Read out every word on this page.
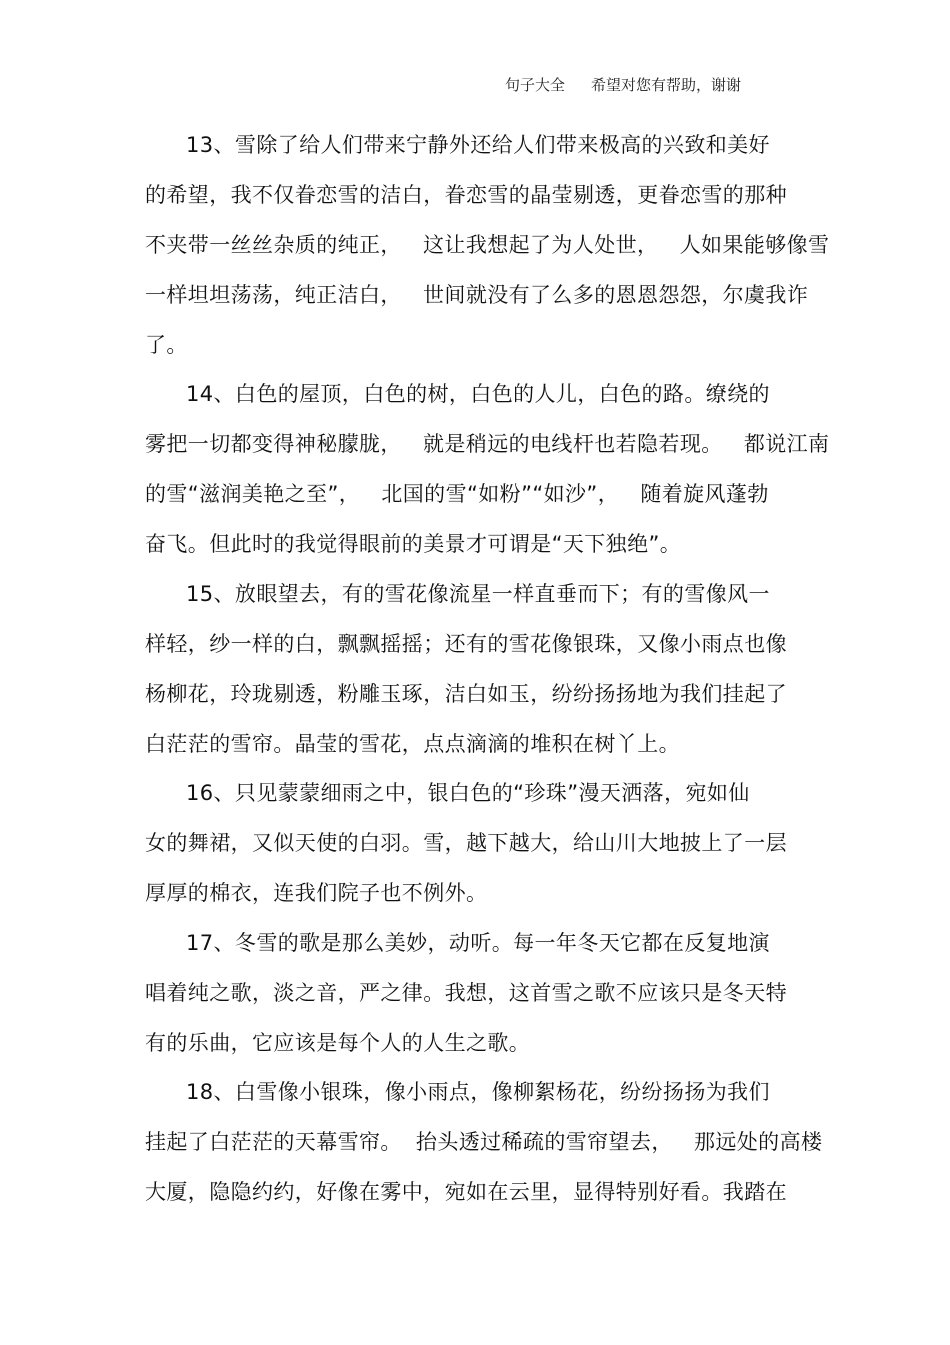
句子大全 希望对您有帮助，谢谢
13、雪除了给人们带来宁静外还给人们带来极高的兴致和美好
的希望，我不仅眷恋雪的洁白，眷恋雪的晶莹剔透，更眷恋雪的那种
不夹带一丝丝杂质的纯正，   这让我想起了为人处世，   人如果能够像雪
一样坦坦荡荡，纯正洁白，   世间就没有了么多的恩恩怨怨，尔虞我诈
了。
14、白色的屋顶，白色的树，白色的人儿，白色的路。缭绕的
雾把一切都变得神秘朦胧，   就是稍远的电线杆也若隐若现。   都说江南
的雪“滋润美艳之至”，   北国的雪“如粉”“如沙”，   随着旋风蓬勃
奋飞。但此时的我觉得眼前的美景才可谓是“天下独绝”。
15、放眼望去，有的雪花像流星一样直垂而下；有的雪像风一
样轻，纱一样的白，飘飘摇摇；还有的雪花像银珠，又像小雨点也像
杨柳花，玲珑剔透，粉雕玉琢，洁白如玉，纷纷扬扬地为我们挂起了
白茫茫的雪帘。晶莹的雪花，点点滴滴的堆积在树丫上。
16、只见蒙蒙细雨之中，银白色的“珍珠”漫天洒落，宛如仙
女的舞裙，又似天使的白羽。雪，越下越大，给山川大地披上了一层
厚厚的棉衣，连我们院子也不例外。
17、冬雪的歌是那么美妙，动听。每一年冬天它都在反复地演
唱着纯之歌，淡之音，严之律。我想，这首雪之歌不应该只是冬天特
有的乐曲，它应该是每个人的人生之歌。
18、白雪像小银珠，像小雨点，像柳絮杨花，纷纷扬扬为我们
挂起了白茫茫的天幕雪帘。  抬头透过稀疏的雪帘望去，   那远处的高楼
大厦，隐隐约约，好像在雾中，宛如在云里，显得特别好看。我踏在
